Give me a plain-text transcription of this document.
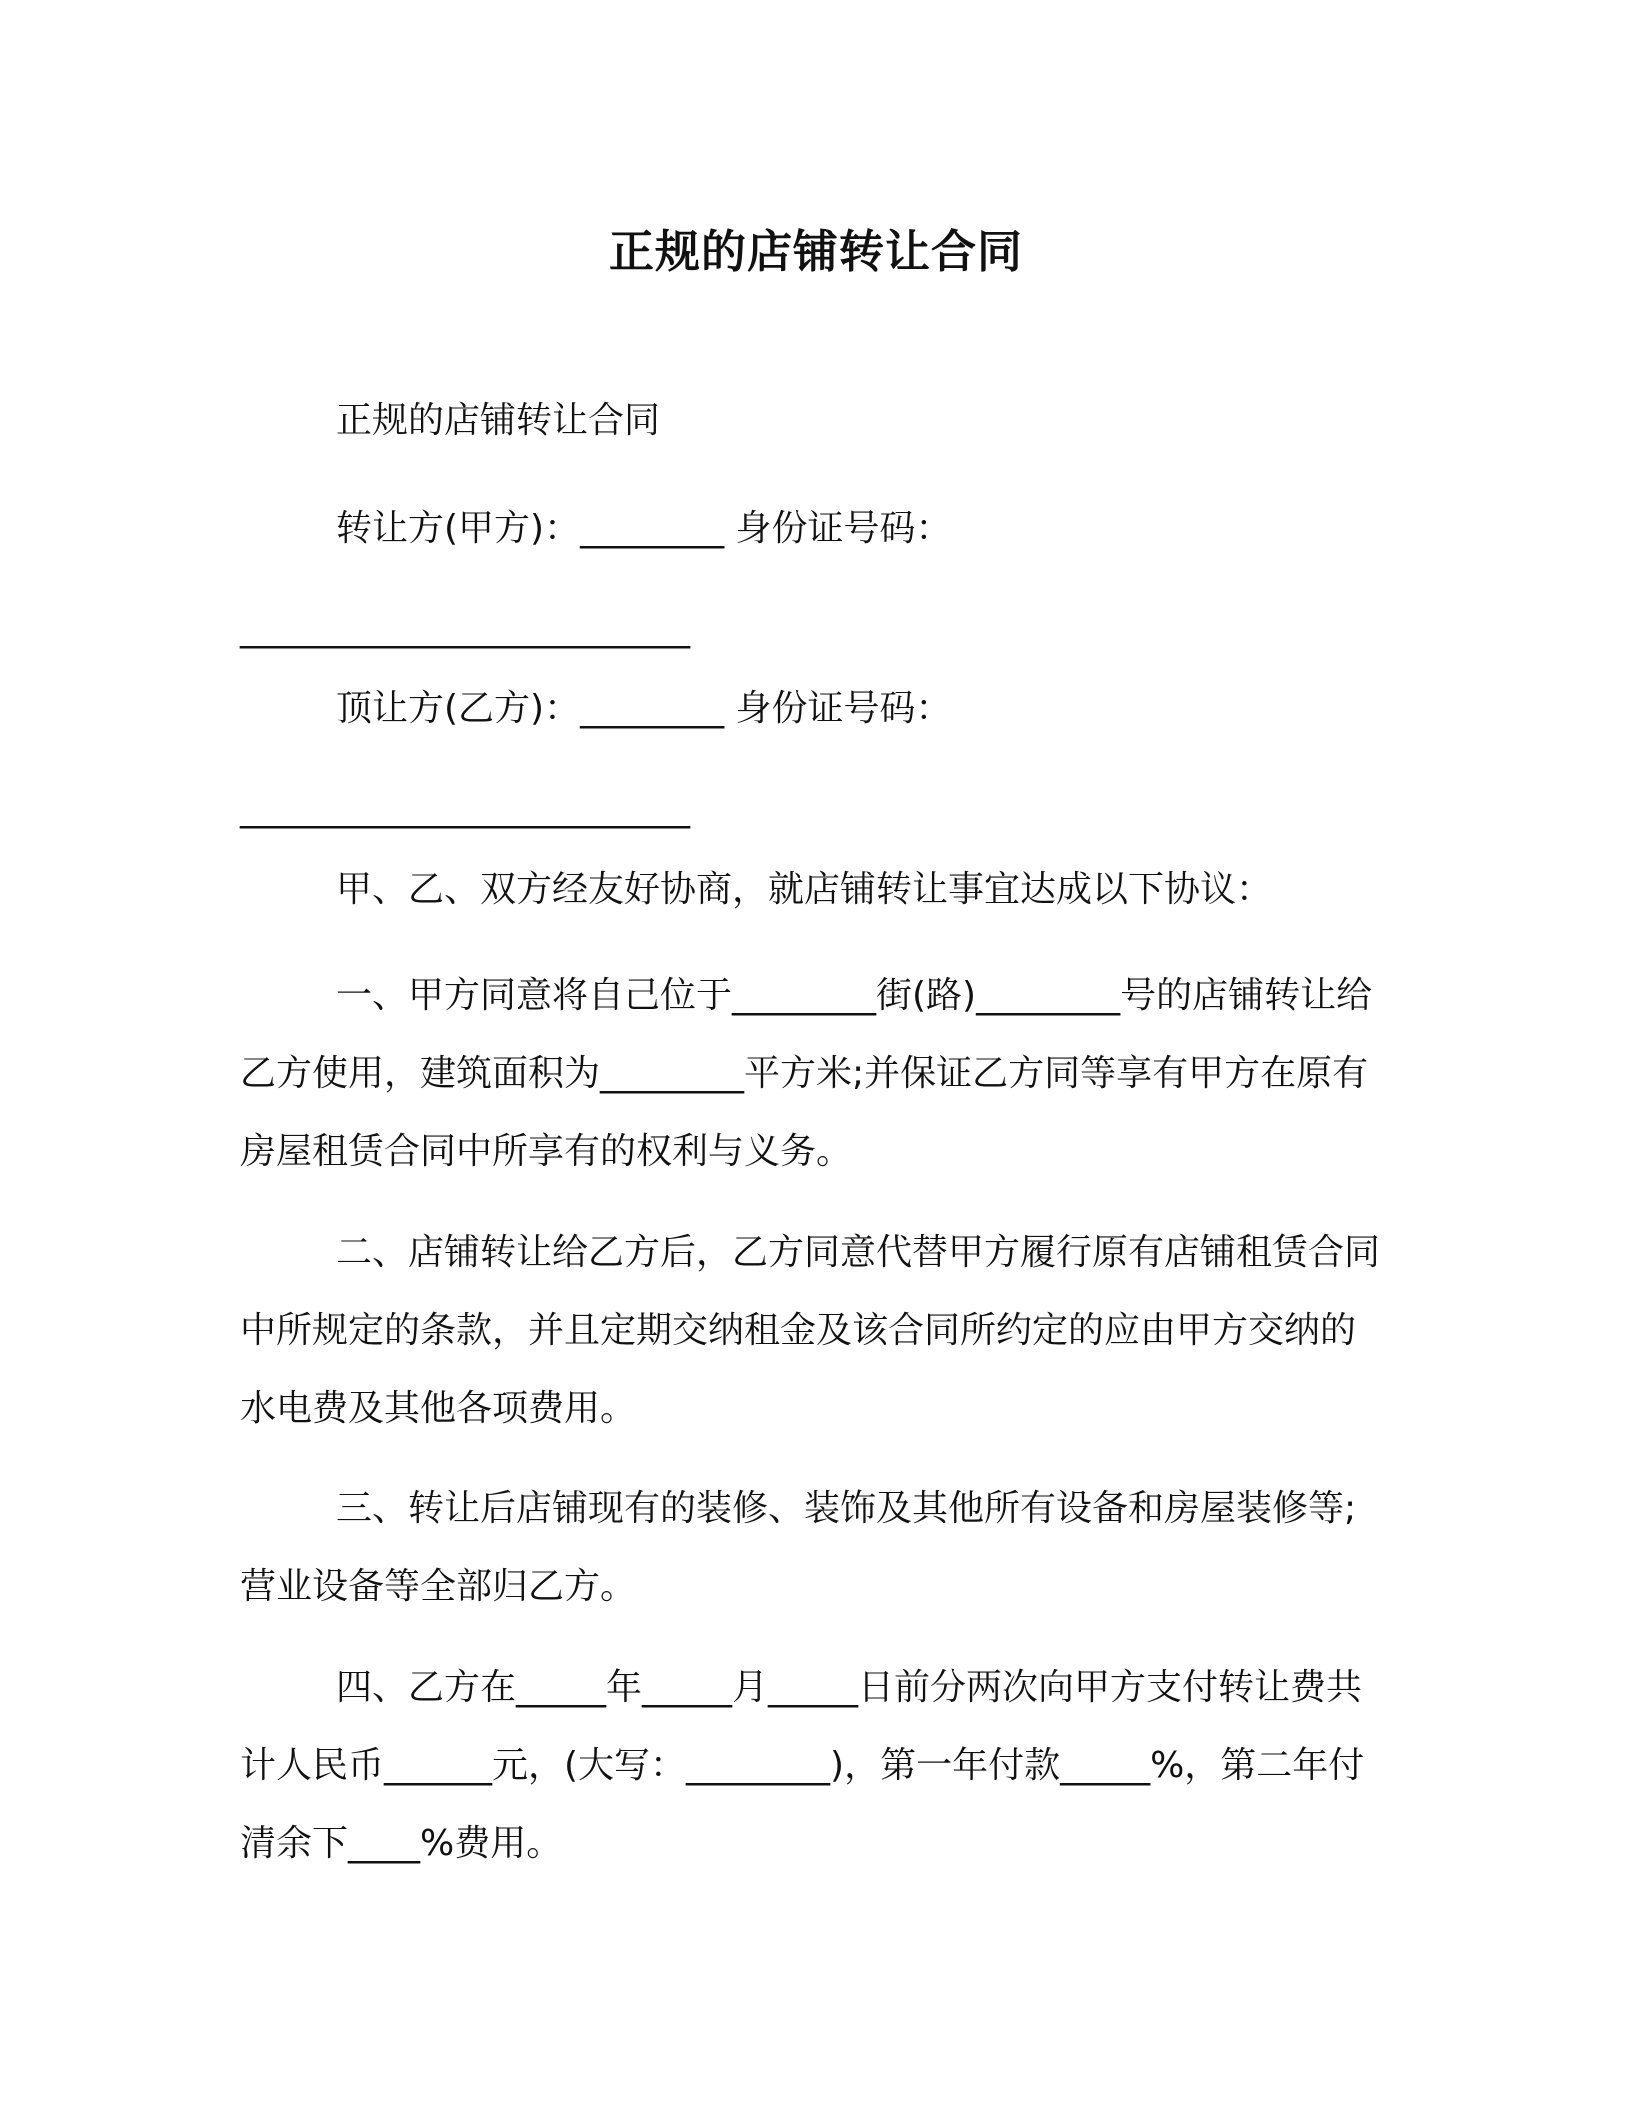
正规的店铺转让合同

正规的店铺转让合同

转让方(甲方)：________ 身份证号码：

_________________________

顶让方(乙方)：________ 身份证号码：

_________________________

甲、乙、双方经友好协商，就店铺转让事宜达成以下协议：

一、甲方同意将自己位于________街(路)________号的店铺转让给乙方使用，建筑面积为________平方米;并保证乙方同等享有甲方在原有房屋租赁合同中所享有的权利与义务。

二、店铺转让给乙方后，乙方同意代替甲方履行原有店铺租赁合同中所规定的条款，并且定期交纳租金及该合同所约定的应由甲方交纳的水电费及其他各项费用。

三、转让后店铺现有的装修、装饰及其他所有设备和房屋装修等;营业设备等全部归乙方。

四、乙方在_____年_____月_____日前分两次向甲方支付转让费共计人民币______元，(大写：________)，第一年付款_____%，第二年付清余下____%费用。
